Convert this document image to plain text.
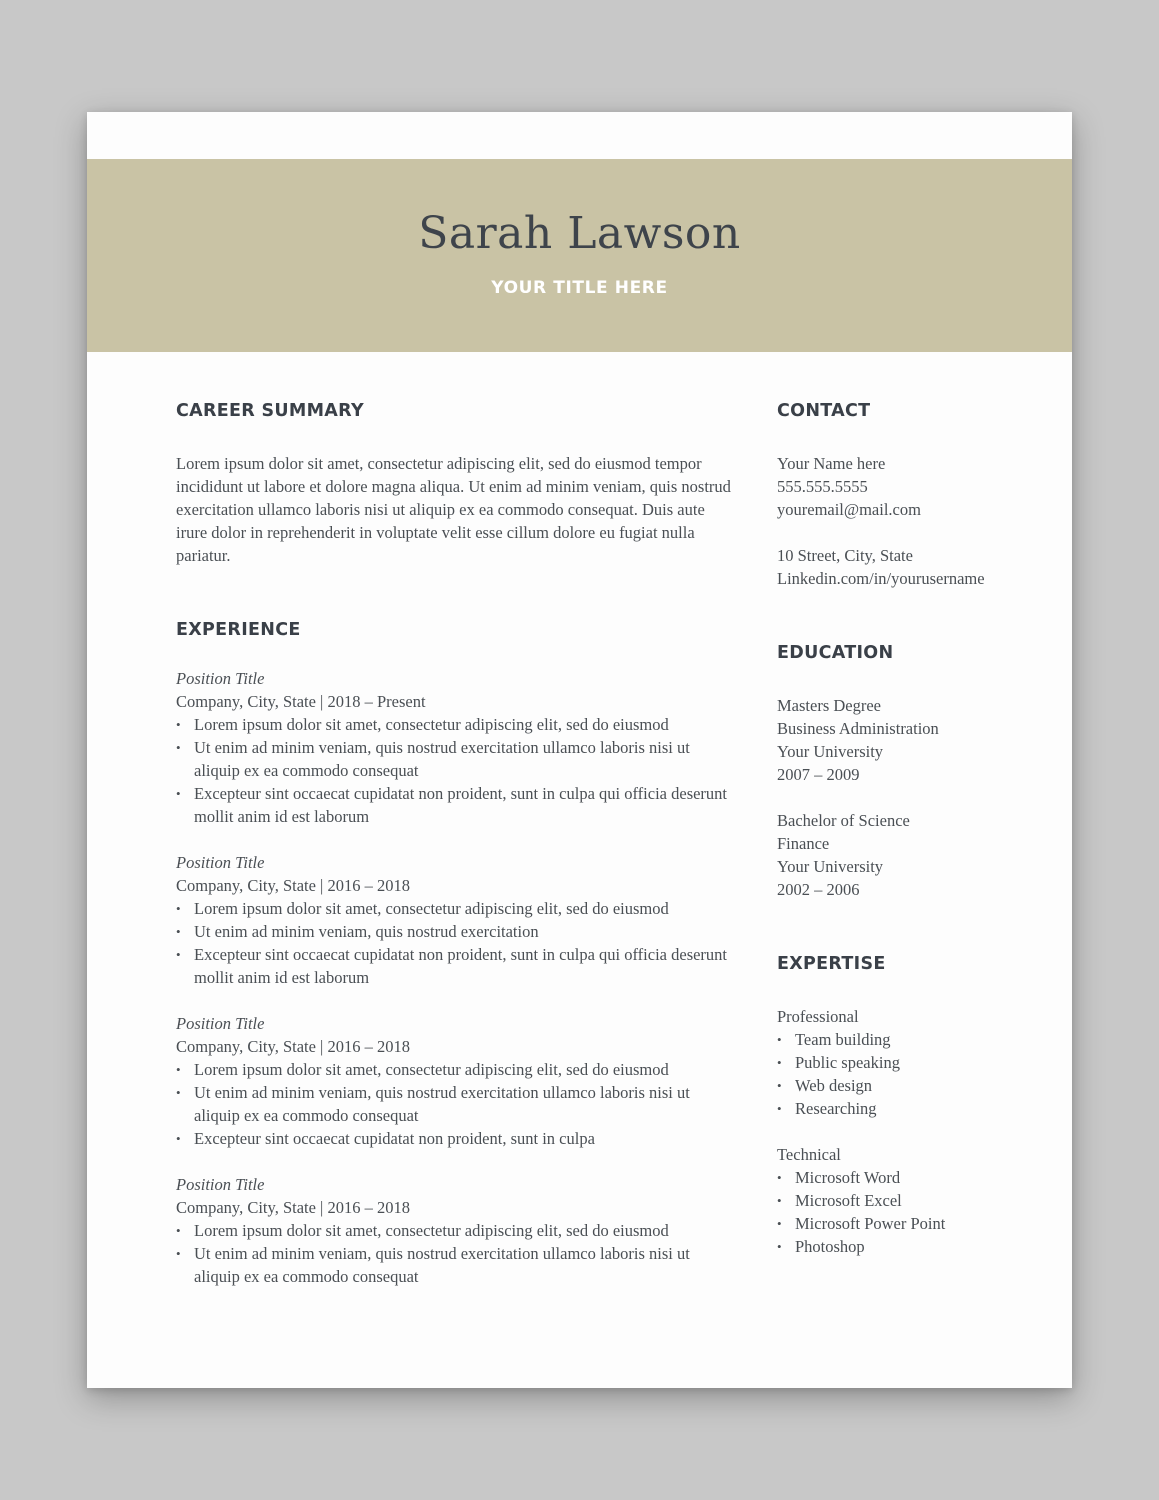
Sarah Lawson
YOUR TITLE HERE
CAREER SUMMARY

Lorem ipsum dolor sit amet, consectetur adipiscing elit, sed do eiusmod tempor incididunt ut labore et dolore magna aliqua. Ut enim ad minim veniam, quis nostrud exercitation ullamco laboris nisi ut aliquip ex ea commodo consequat. Duis aute irure dolor in reprehenderit in voluptate velit esse cillum dolore eu fugiat nulla pariatur.

EXPERIENCE
Position Title
Company, City, State | 2018 – Present
• Lorem ipsum dolor sit amet, consectetur adipiscing elit, sed do eiusmod
• Ut enim ad minim veniam, quis nostrud exercitation ullamco laboris nisi ut aliquip ex ea commodo consequat
• Excepteur sint occaecat cupidatat non proident, sunt in culpa qui officia deserunt mollit anim id est laborum
Position Title
Company, City, State | 2016 – 2018
• Lorem ipsum dolor sit amet, consectetur adipiscing elit, sed do eiusmod
• Ut enim ad minim veniam, quis nostrud exercitation
• Excepteur sint occaecat cupidatat non proident, sunt in culpa qui officia deserunt mollit anim id est laborum
Position Title
Company, City, State | 2016 – 2018
• Lorem ipsum dolor sit amet, consectetur adipiscing elit, sed do eiusmod
• Ut enim ad minim veniam, quis nostrud exercitation ullamco laboris nisi ut aliquip ex ea commodo consequat
• Excepteur sint occaecat cupidatat non proident, sunt in culpa
Position Title
Company, City, State | 2016 – 2018
• Lorem ipsum dolor sit amet, consectetur adipiscing elit, sed do eiusmod
• Ut enim ad minim veniam, quis nostrud exercitation ullamco laboris nisi ut aliquip ex ea commodo consequat
CONTACT
Your Name here
555.555.5555
youremail@mail.com
10 Street, City, State
Linkedin.com/in/yourusername
EDUCATION
Masters Degree
Business Administration
Your University
2007 – 2009
Bachelor of Science
Finance
Your University
2002 – 2006
EXPERTISE
Professional
• Team building
• Public speaking
• Web design
• Researching
Technical
• Microsoft Word
• Microsoft Excel
• Microsoft Power Point
• Photoshop
